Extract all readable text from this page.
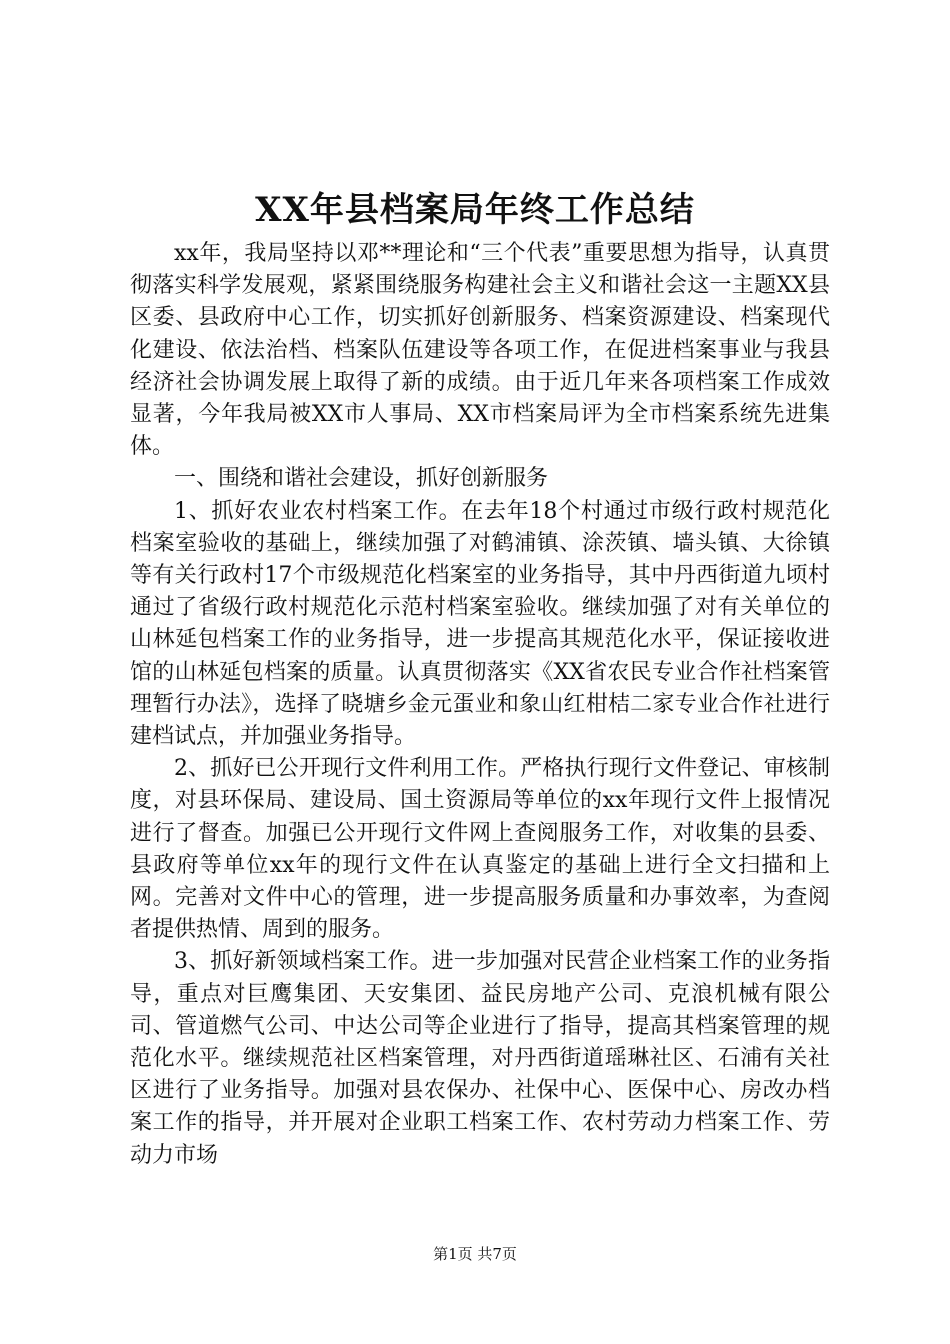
XX年县档案局年终工作总结

xx年，我局坚持以邓**理论和“三个代表”重要思想为指导，认真贯彻落实科学发展观，紧紧围绕服务构建社会主义和谐社会这一主题XX县区委、县政府中心工作，切实抓好创新服务、档案资源建设、档案现代化建设、依法治档、档案队伍建设等各项工作，在促进档案事业与我县经济社会协调发展上取得了新的成绩。由于近几年来各项档案工作成效显著，今年我局被XX市人事局、XX市档案局评为全市档案系统先进集体。

一、围绕和谐社会建设，抓好创新服务

1、抓好农业农村档案工作。在去年18个村通过市级行政村规范化档案室验收的基础上，继续加强了对鹤浦镇、涂茨镇、墙头镇、大徐镇等有关行政村17个市级规范化档案室的业务指导，其中丹西街道九顷村通过了省级行政村规范化示范村档案室验收。继续加强了对有关单位的山林延包档案工作的业务指导，进一步提高其规范化水平，保证接收进馆的山林延包档案的质量。认真贯彻落实《XX省农民专业合作社档案管理暂行办法》，选择了晓塘乡金元蛋业和象山红柑桔二家专业合作社进行建档试点，并加强业务指导。

2、抓好已公开现行文件利用工作。严格执行现行文件登记、审核制度，对县环保局、建设局、国土资源局等单位的xx年现行文件上报情况进行了督查。加强已公开现行文件网上查阅服务工作，对收集的县委、县政府等单位xx年的现行文件在认真鉴定的基础上进行全文扫描和上网。完善对文件中心的管理，进一步提高服务质量和办事效率，为查阅者提供热情、周到的服务。

3、抓好新领域档案工作。进一步加强对民营企业档案工作的业务指导，重点对巨鹰集团、天安集团、益民房地产公司、克浪机械有限公司、管道燃气公司、中达公司等企业进行了指导，提高其档案管理的规范化水平。继续规范社区档案管理，对丹西街道瑶琳社区、石浦有关社区进行了业务指导。加强对县农保办、社保中心、医保中心、房改办档案工作的指导，并开展对企业职工档案工作、农村劳动力档案工作、劳动力市场

第1页 共7页
